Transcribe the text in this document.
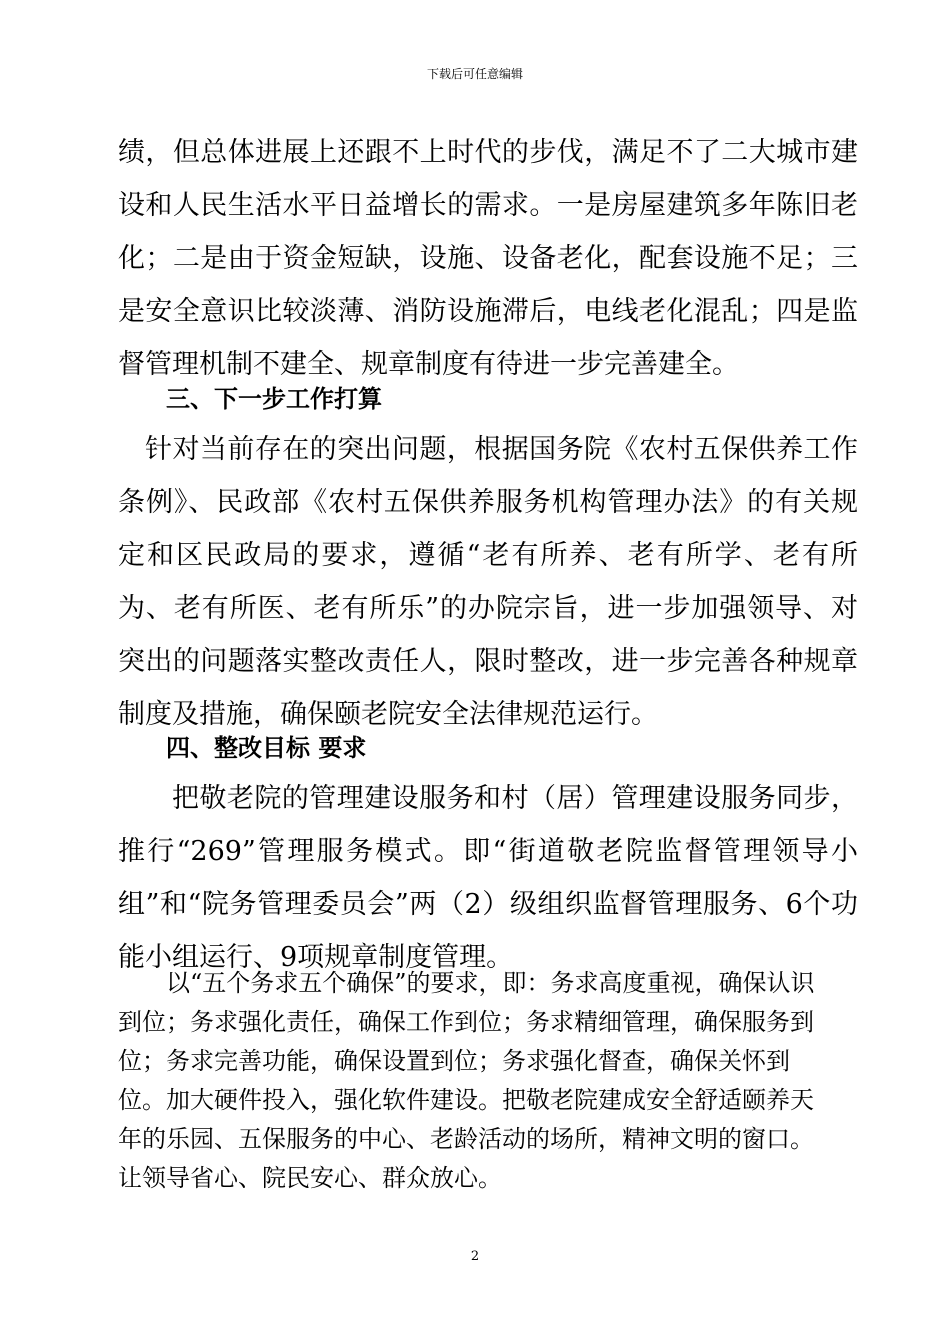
下载后可任意编辑

绩，但总体进展上还跟不上时代的步伐，满足不了二大城市建设和人民生活水平日益增长的需求。一是房屋建筑多年陈旧老化；二是由于资金短缺，设施、设备老化，配套设施不足；三是安全意识比较淡薄、消防设施滞后，电线老化混乱；四是监督管理机制不建全、规章制度有待进一步完善建全。

三、下一步工作打算

针对当前存在的突出问题，根据国务院《农村五保供养工作条例》、民政部《农村五保供养服务机构管理办法》的有关规定和区民政局的要求，遵循“老有所养、老有所学、老有所为、老有所医、老有所乐”的办院宗旨，进一步加强领导、对突出的问题落实整改责任人，限时整改，进一步完善各种规章制度及措施，确保颐老院安全法律规范运行。

四、整改目标 要求

把敬老院的管理建设服务和村（居）管理建设服务同步，推行“269”管理服务模式。即“街道敬老院监督管理领导小组”和“院务管理委员会”两（2）级组织监督管理服务、6个功能小组运行、9项规章制度管理。

以“五个务求五个确保”的要求，即：务求高度重视，确保认识到位；务求强化责任，确保工作到位；务求精细管理，确保服务到位；务求完善功能，确保设置到位；务求强化督查，确保关怀到位。加大硬件投入，强化软件建设。把敬老院建成安全舒适颐养天年的乐园、五保服务的中心、老龄活动的场所，精神文明的窗口。让领导省心、院民安心、群众放心。

2
